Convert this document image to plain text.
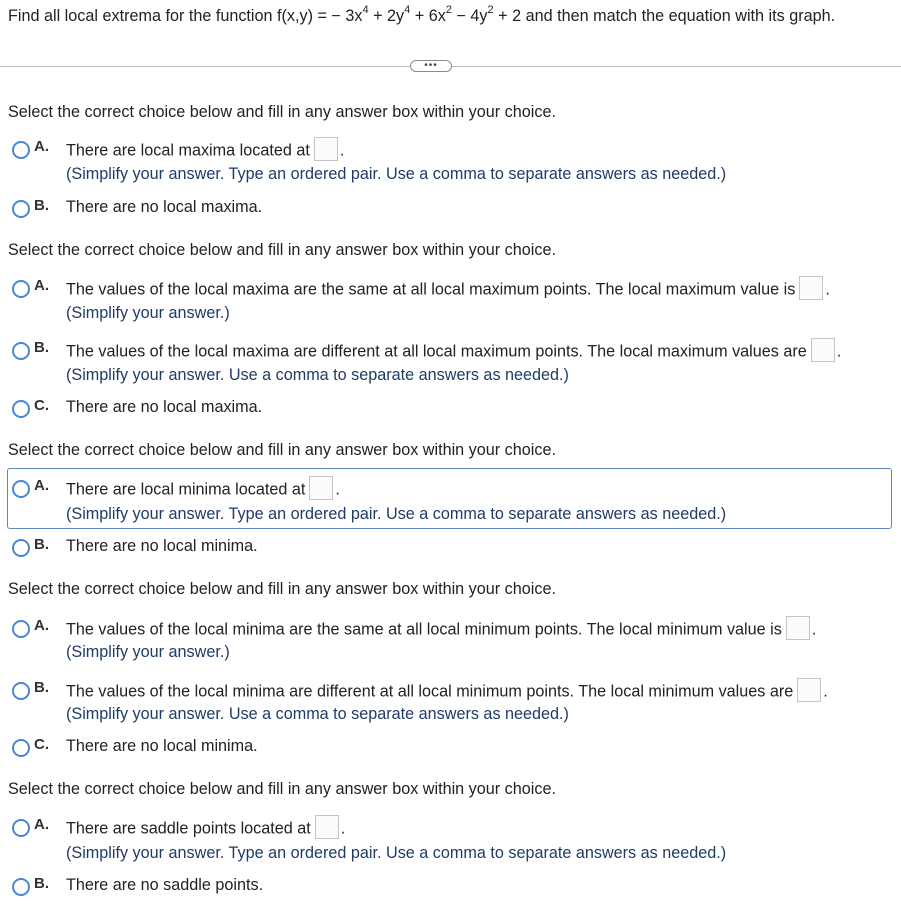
Find all local extrema for the function f(x,y) = − $3x^4 + 2y^4 + 6x^2 - 4y^2 + 2$ and then match the equation with its graph.
•••
Select the correct choice below and fill in any answer box within your choice.
A. There are local maxima located at .
(Simplify your answer. Type an ordered pair. Use a comma to separate answers as needed.)
B. There are no local maxima.
Select the correct choice below and fill in any answer box within your choice.
A. The values of the local maxima are the same at all local maximum points. The local maximum value is .
(Simplify your answer.)
B. The values of the local maxima are different at all local maximum points. The local maximum values are .
(Simplify your answer. Use a comma to separate answers as needed.)
C. There are no local maxima.
Select the correct choice below and fill in any answer box within your choice.
A. There are local minima located at .
(Simplify your answer. Type an ordered pair. Use a comma to separate answers as needed.)
B. There are no local minima.
Select the correct choice below and fill in any answer box within your choice.
A. The values of the local minima are the same at all local minimum points. The local minimum value is .
(Simplify your answer.)
B. The values of the local minima are different at all local minimum points. The local minimum values are .
(Simplify your answer. Use a comma to separate answers as needed.)
C. There are no local minima.
Select the correct choice below and fill in any answer box within your choice.
A. There are saddle points located at .
(Simplify your answer. Type an ordered pair. Use a comma to separate answers as needed.)
B. There are no saddle points.
